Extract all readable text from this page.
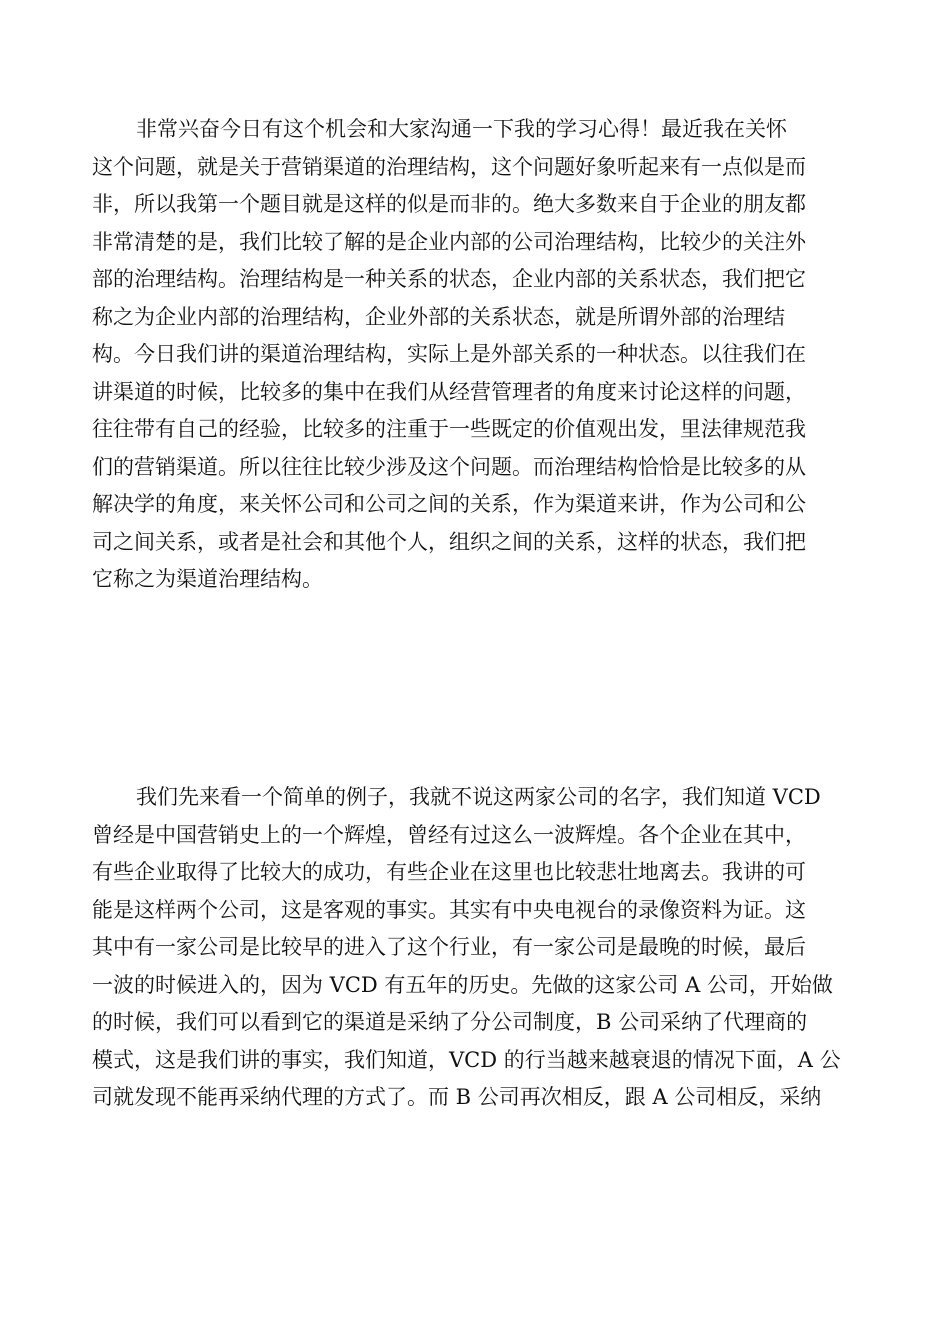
非常兴奋今日有这个机会和大家沟通一下我的学习心得！最近我在关怀
这个问题，就是关于营销渠道的治理结构，这个问题好象听起来有一点似是而
非，所以我第一个题目就是这样的似是而非的。绝大多数来自于企业的朋友都
非常清楚的是，我们比较了解的是企业内部的公司治理结构，比较少的关注外
部的治理结构。治理结构是一种关系的状态，企业内部的关系状态，我们把它
称之为企业内部的治理结构，企业外部的关系状态，就是所谓外部的治理结
构。今日我们讲的渠道治理结构，实际上是外部关系的一种状态。以往我们在
讲渠道的时候，比较多的集中在我们从经营管理者的角度来讨论这样的问题，
往往带有自己的经验，比较多的注重于一些既定的价值观出发，里法律规范我
们的营销渠道。所以往往比较少涉及这个问题。而治理结构恰恰是比较多的从
解决学的角度，来关怀公司和公司之间的关系，作为渠道来讲，作为公司和公
司之间关系，或者是社会和其他个人，组织之间的关系，这样的状态，我们把
它称之为渠道治理结构。
我们先来看一个简单的例子，我就不说这两家公司的名字，我们知道 VCD
曾经是中国营销史上的一个辉煌，曾经有过这么一波辉煌。各个企业在其中，
有些企业取得了比较大的成功，有些企业在这里也比较悲壮地离去。我讲的可
能是这样两个公司，这是客观的事实。其实有中央电视台的录像资料为证。这
其中有一家公司是比较早的进入了这个行业，有一家公司是最晚的时候，最后
一波的时候进入的，因为 VCD 有五年的历史。先做的这家公司 A 公司，开始做
的时候，我们可以看到它的渠道是采纳了分公司制度，B 公司采纳了代理商的
模式，这是我们讲的事实，我们知道，VCD 的行当越来越衰退的情况下面，A 公
司就发现不能再采纳代理的方式了。而 B 公司再次相反，跟 A 公司相反，采纳
